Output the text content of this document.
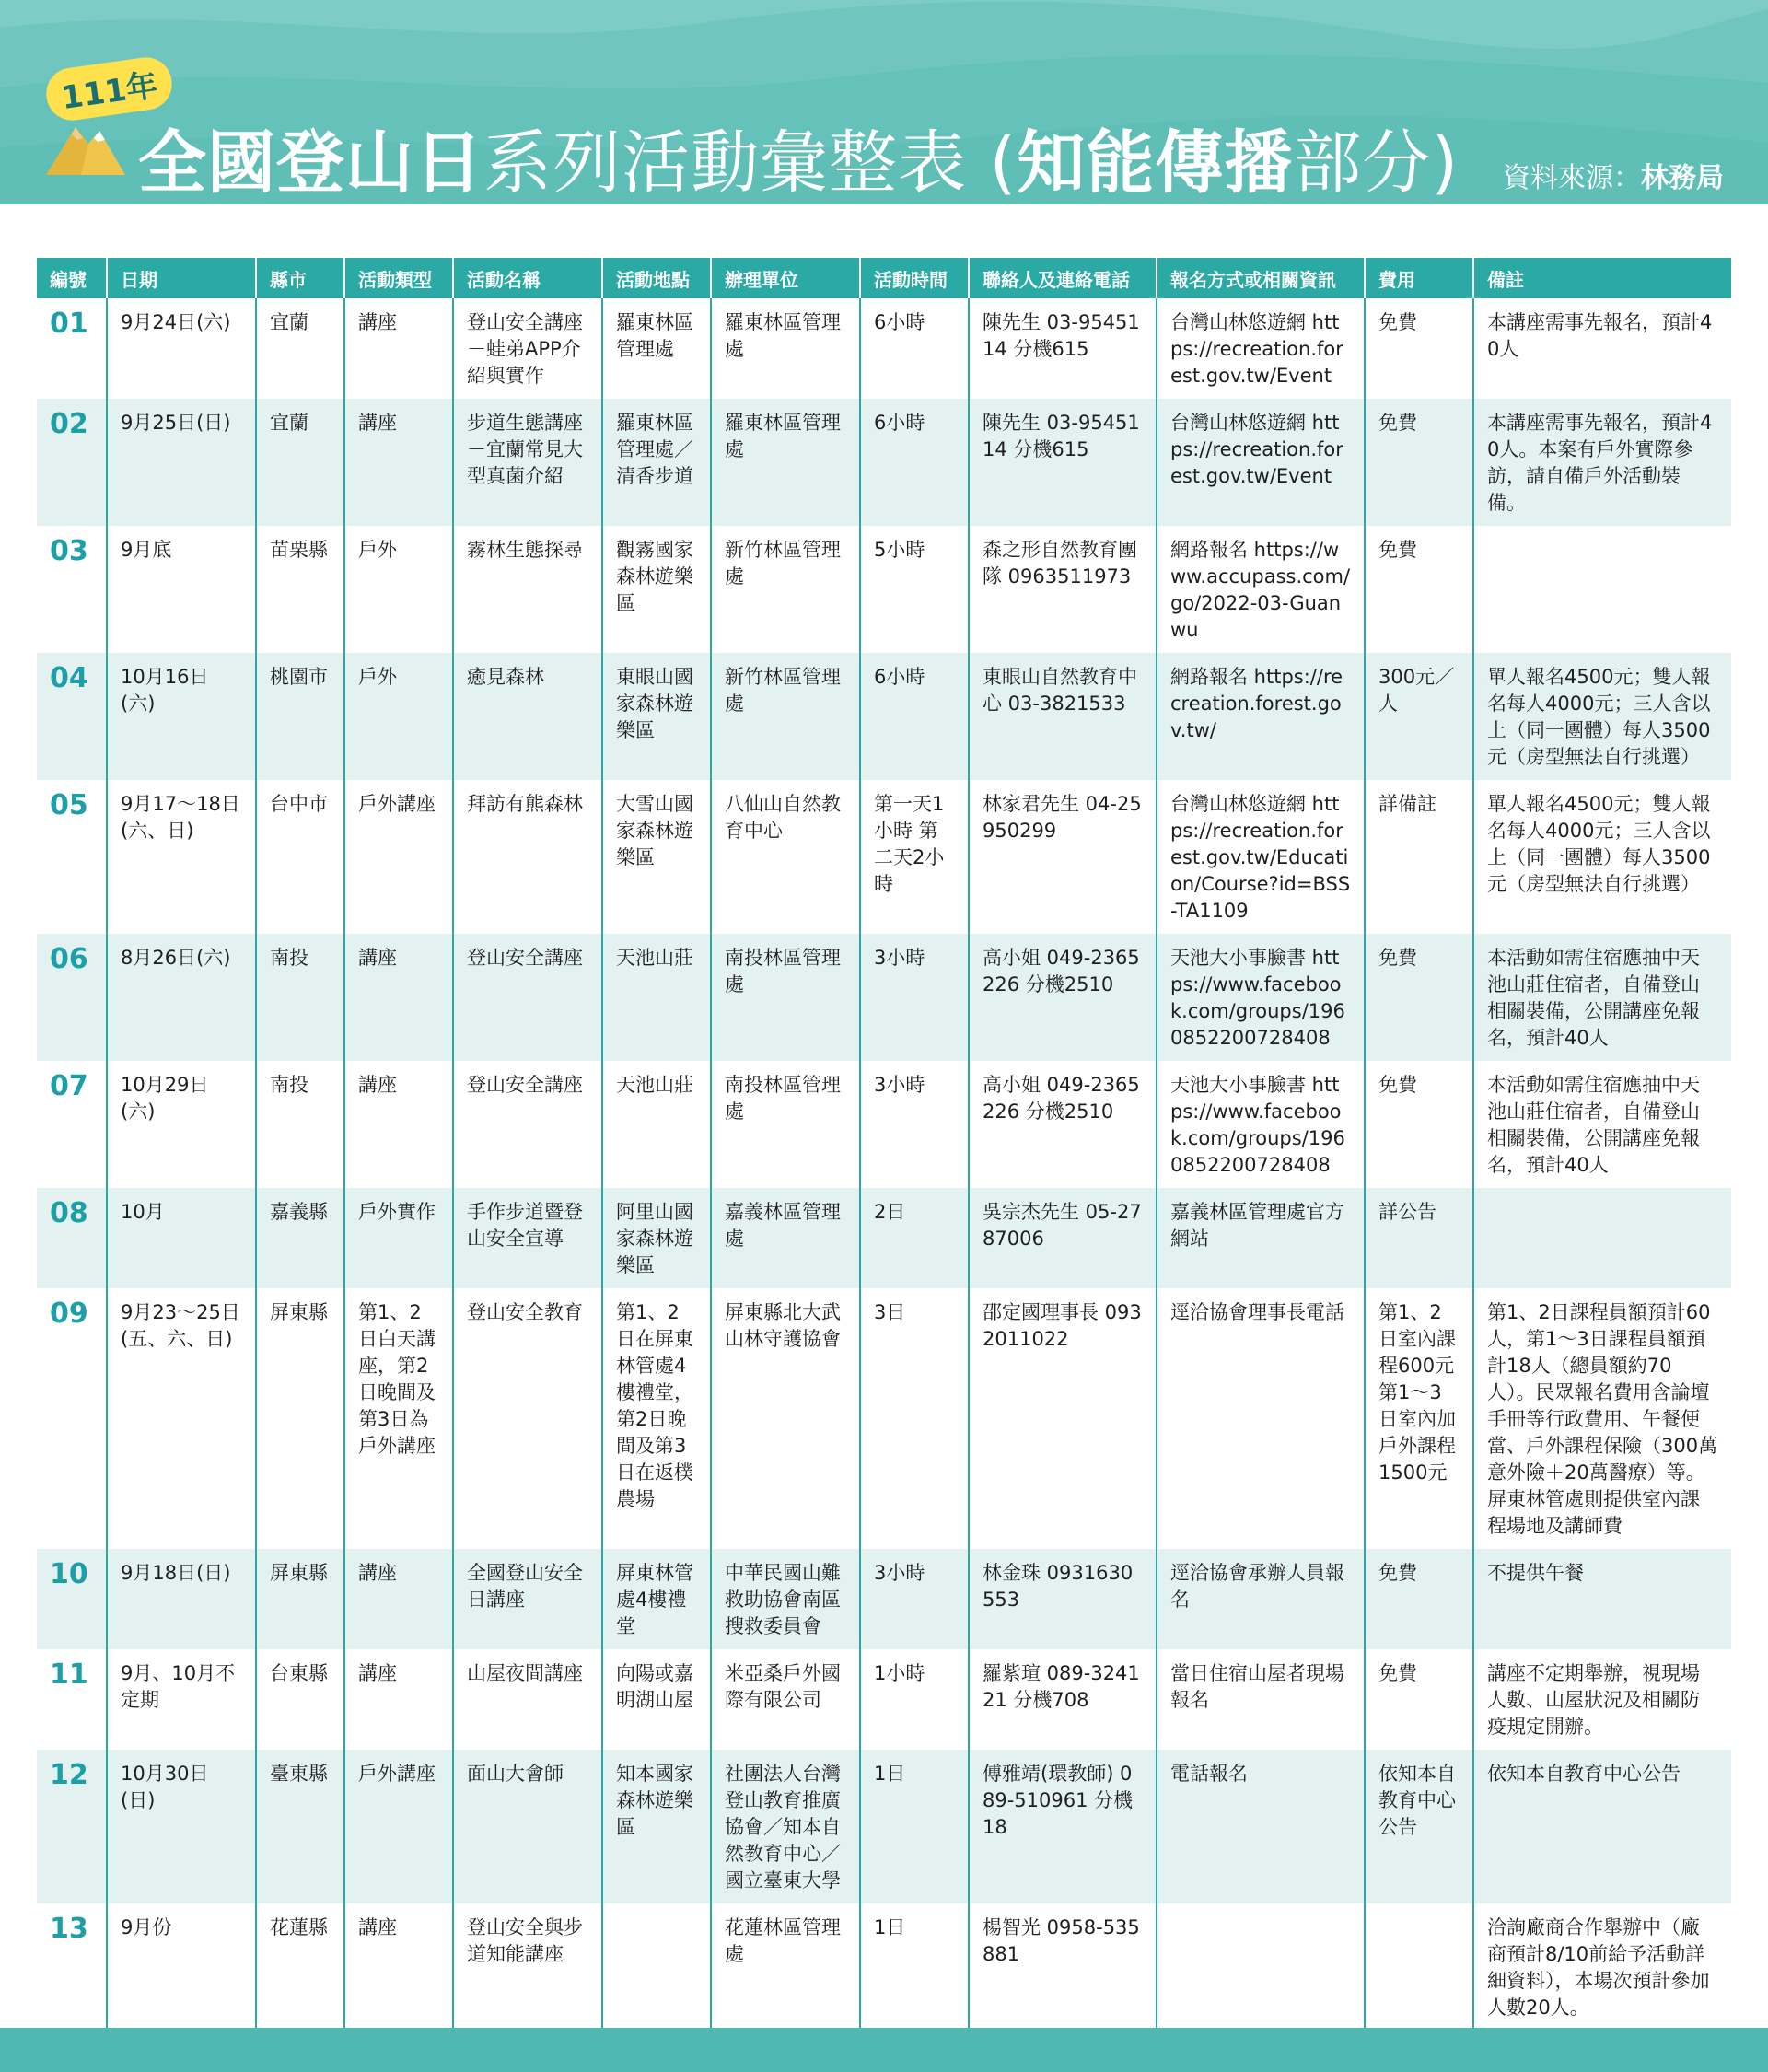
111年
全國登山日系列活動彙整表 (知能傳播部分) 資料來源：林務局
編號	日期	縣市	活動類型	活動名稱	活動地點	辦理單位	活動時間	聯絡人及連絡電話	報名方式或相關資訊	費用	備註
01	9月24日(六)	宜蘭	講座	登山安全講座－蛙弟APP介紹與實作	羅東林區管理處	羅東林區管理處	6小時	陳先生 03-9545114 分機615	台灣山林悠遊網 https://recreation.forest.gov.tw/Event	免費	本講座需事先報名，預計40人
02	9月25日(日)	宜蘭	講座	步道生態講座－宜蘭常見大型真菌介紹	羅東林區管理處／清香步道	羅東林區管理處	6小時	陳先生 03-9545114 分機615	台灣山林悠遊網 https://recreation.forest.gov.tw/Event	免費	本講座需事先報名，預計40人。本案有戶外實際參訪，請自備戶外活動裝備。
03	9月底	苗栗縣	戶外	霧林生態探尋	觀霧國家森林遊樂區	新竹林區管理處	5小時	森之形自然教育團隊 0963511973	網路報名 https://www.accupass.com/go/2022-03-Guanwu	免費	
04	10月16日(六)	桃園市	戶外	癒見森林	東眼山國家森林遊樂區	新竹林區管理處	6小時	東眼山自然教育中心 03-3821533	網路報名 https://recreation.forest.gov.tw/	300元／人	單人報名4500元；雙人報名每人4000元；三人含以上（同一團體）每人3500元（房型無法自行挑選）
05	9月17～18日(六、日)	台中市	戶外講座	拜訪有熊森林	大雪山國家森林遊樂區	八仙山自然教育中心	第一天1小時 第二天2小時	林家君先生 04-25950299	台灣山林悠遊網 https://recreation.forest.gov.tw/Education/Course?id=BSS-TA1109	詳備註	單人報名4500元；雙人報名每人4000元；三人含以上（同一團體）每人3500元（房型無法自行挑選）
06	8月26日(六)	南投	講座	登山安全講座	天池山莊	南投林區管理處	3小時	高小姐 049-2365226 分機2510	天池大小事臉書 https://www.facebook.com/groups/1960852200728408	免費	本活動如需住宿應抽中天池山莊住宿者，自備登山相關裝備，公開講座免報名，預計40人
07	10月29日(六)	南投	講座	登山安全講座	天池山莊	南投林區管理處	3小時	高小姐 049-2365226 分機2510	天池大小事臉書 https://www.facebook.com/groups/1960852200728408	免費	本活動如需住宿應抽中天池山莊住宿者，自備登山相關裝備，公開講座免報名，預計40人
08	10月	嘉義縣	戶外實作	手作步道暨登山安全宣導	阿里山國家森林遊樂區	嘉義林區管理處	2日	吳宗杰先生 05-2787006	嘉義林區管理處官方網站	詳公告	
09	9月23～25日(五、六、日)	屏東縣	第1、2日白天講座，第2日晚間及第3日為戶外講座	登山安全教育	第1、2日在屏東林管處4樓禮堂，第2日晚間及第3日在返樸農場	屏東縣北大武山林守護協會	3日	邵定國理事長 0932011022	逕洽協會理事長電話	第1、2日室內課程600元 第1～3日室內加戶外課程1500元	第1、2日課程員額預計60人，第1～3日課程員額預計18人（總員額約70人）。民眾報名費用含論壇手冊等行政費用、午餐便當、戶外課程保險（300萬意外險＋20萬醫療）等。屏東林管處則提供室內課程場地及講師費
10	9月18日(日)	屏東縣	講座	全國登山安全日講座	屏東林管處4樓禮堂	中華民國山難救助協會南區搜救委員會	3小時	林金珠 0931630553	逕洽協會承辦人員報名	免費	不提供午餐
11	9月、10月不定期	台東縣	講座	山屋夜間講座	向陽或嘉明湖山屋	米亞桑戶外國際有限公司	1小時	羅紫瑄 089-324121 分機708	當日住宿山屋者現場報名	免費	講座不定期舉辦，視現場人數、山屋狀況及相關防疫規定開辦。
12	10月30日(日)	臺東縣	戶外講座	面山大會師	知本國家森林遊樂區	社團法人台灣登山教育推廣協會／知本自然教育中心／國立臺東大學	1日	傅雅靖(環教師) 089-510961 分機18	電話報名	依知本自教育中心公告	依知本自教育中心公告
13	9月份	花蓮縣	講座	登山安全與步道知能講座		花蓮林區管理處	1日	楊智光 0958-535881			洽詢廠商合作舉辦中（廠商預計8/10前給予活動詳細資料），本場次預計參加人數20人。
